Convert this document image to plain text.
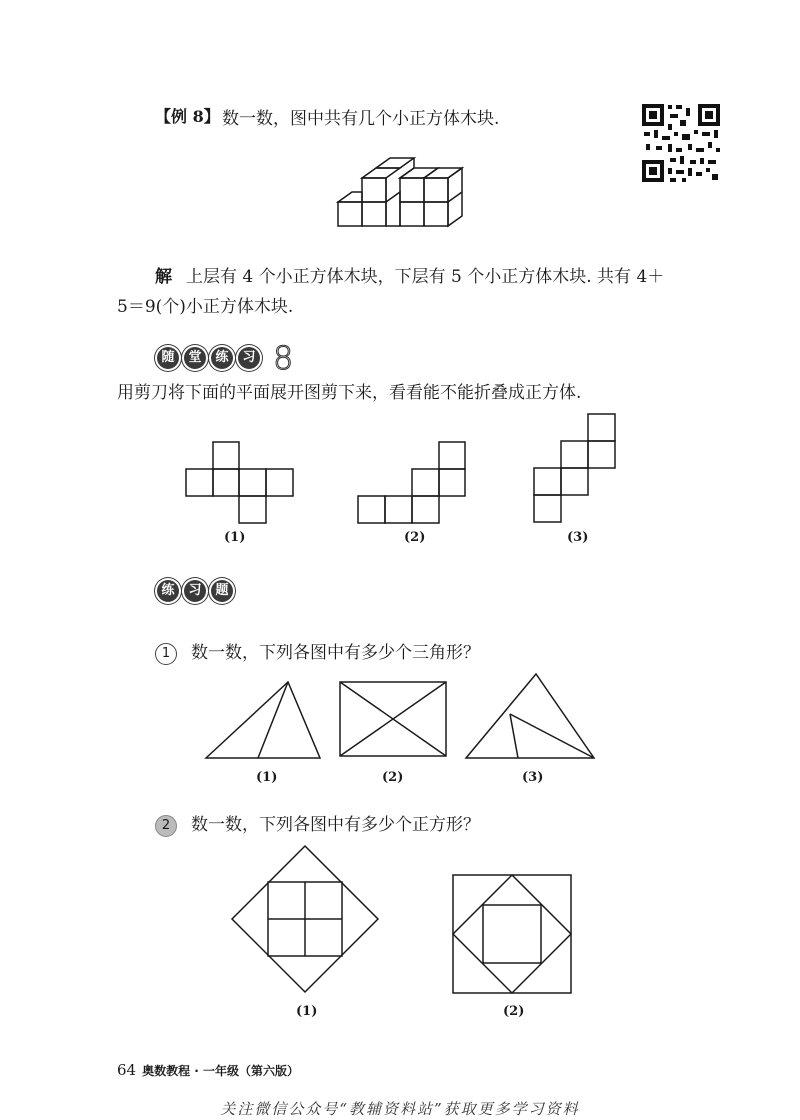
【例 8】 数一数，图中共有几个小正方体木块.
解 上层有 4 个小正方体木块，下层有 5 个小正方体木块. 共有 4＋
5＝9(个)小正方体木块.
随	堂	练	习 8
用剪刀将下面的平面展开图剪下来，看看能不能折叠成正方体.
(1)	(2)	(3)
练	习	题
1 数一数，下列各图中有多少个三角形？
(1)	(2)	(3)
2 数一数，下列各图中有多少个正方形？
(1)	(2)
64 奥数教程 · 一年级（第六版）
关注微信公众号“教辅资料站”获取更多学习资料
